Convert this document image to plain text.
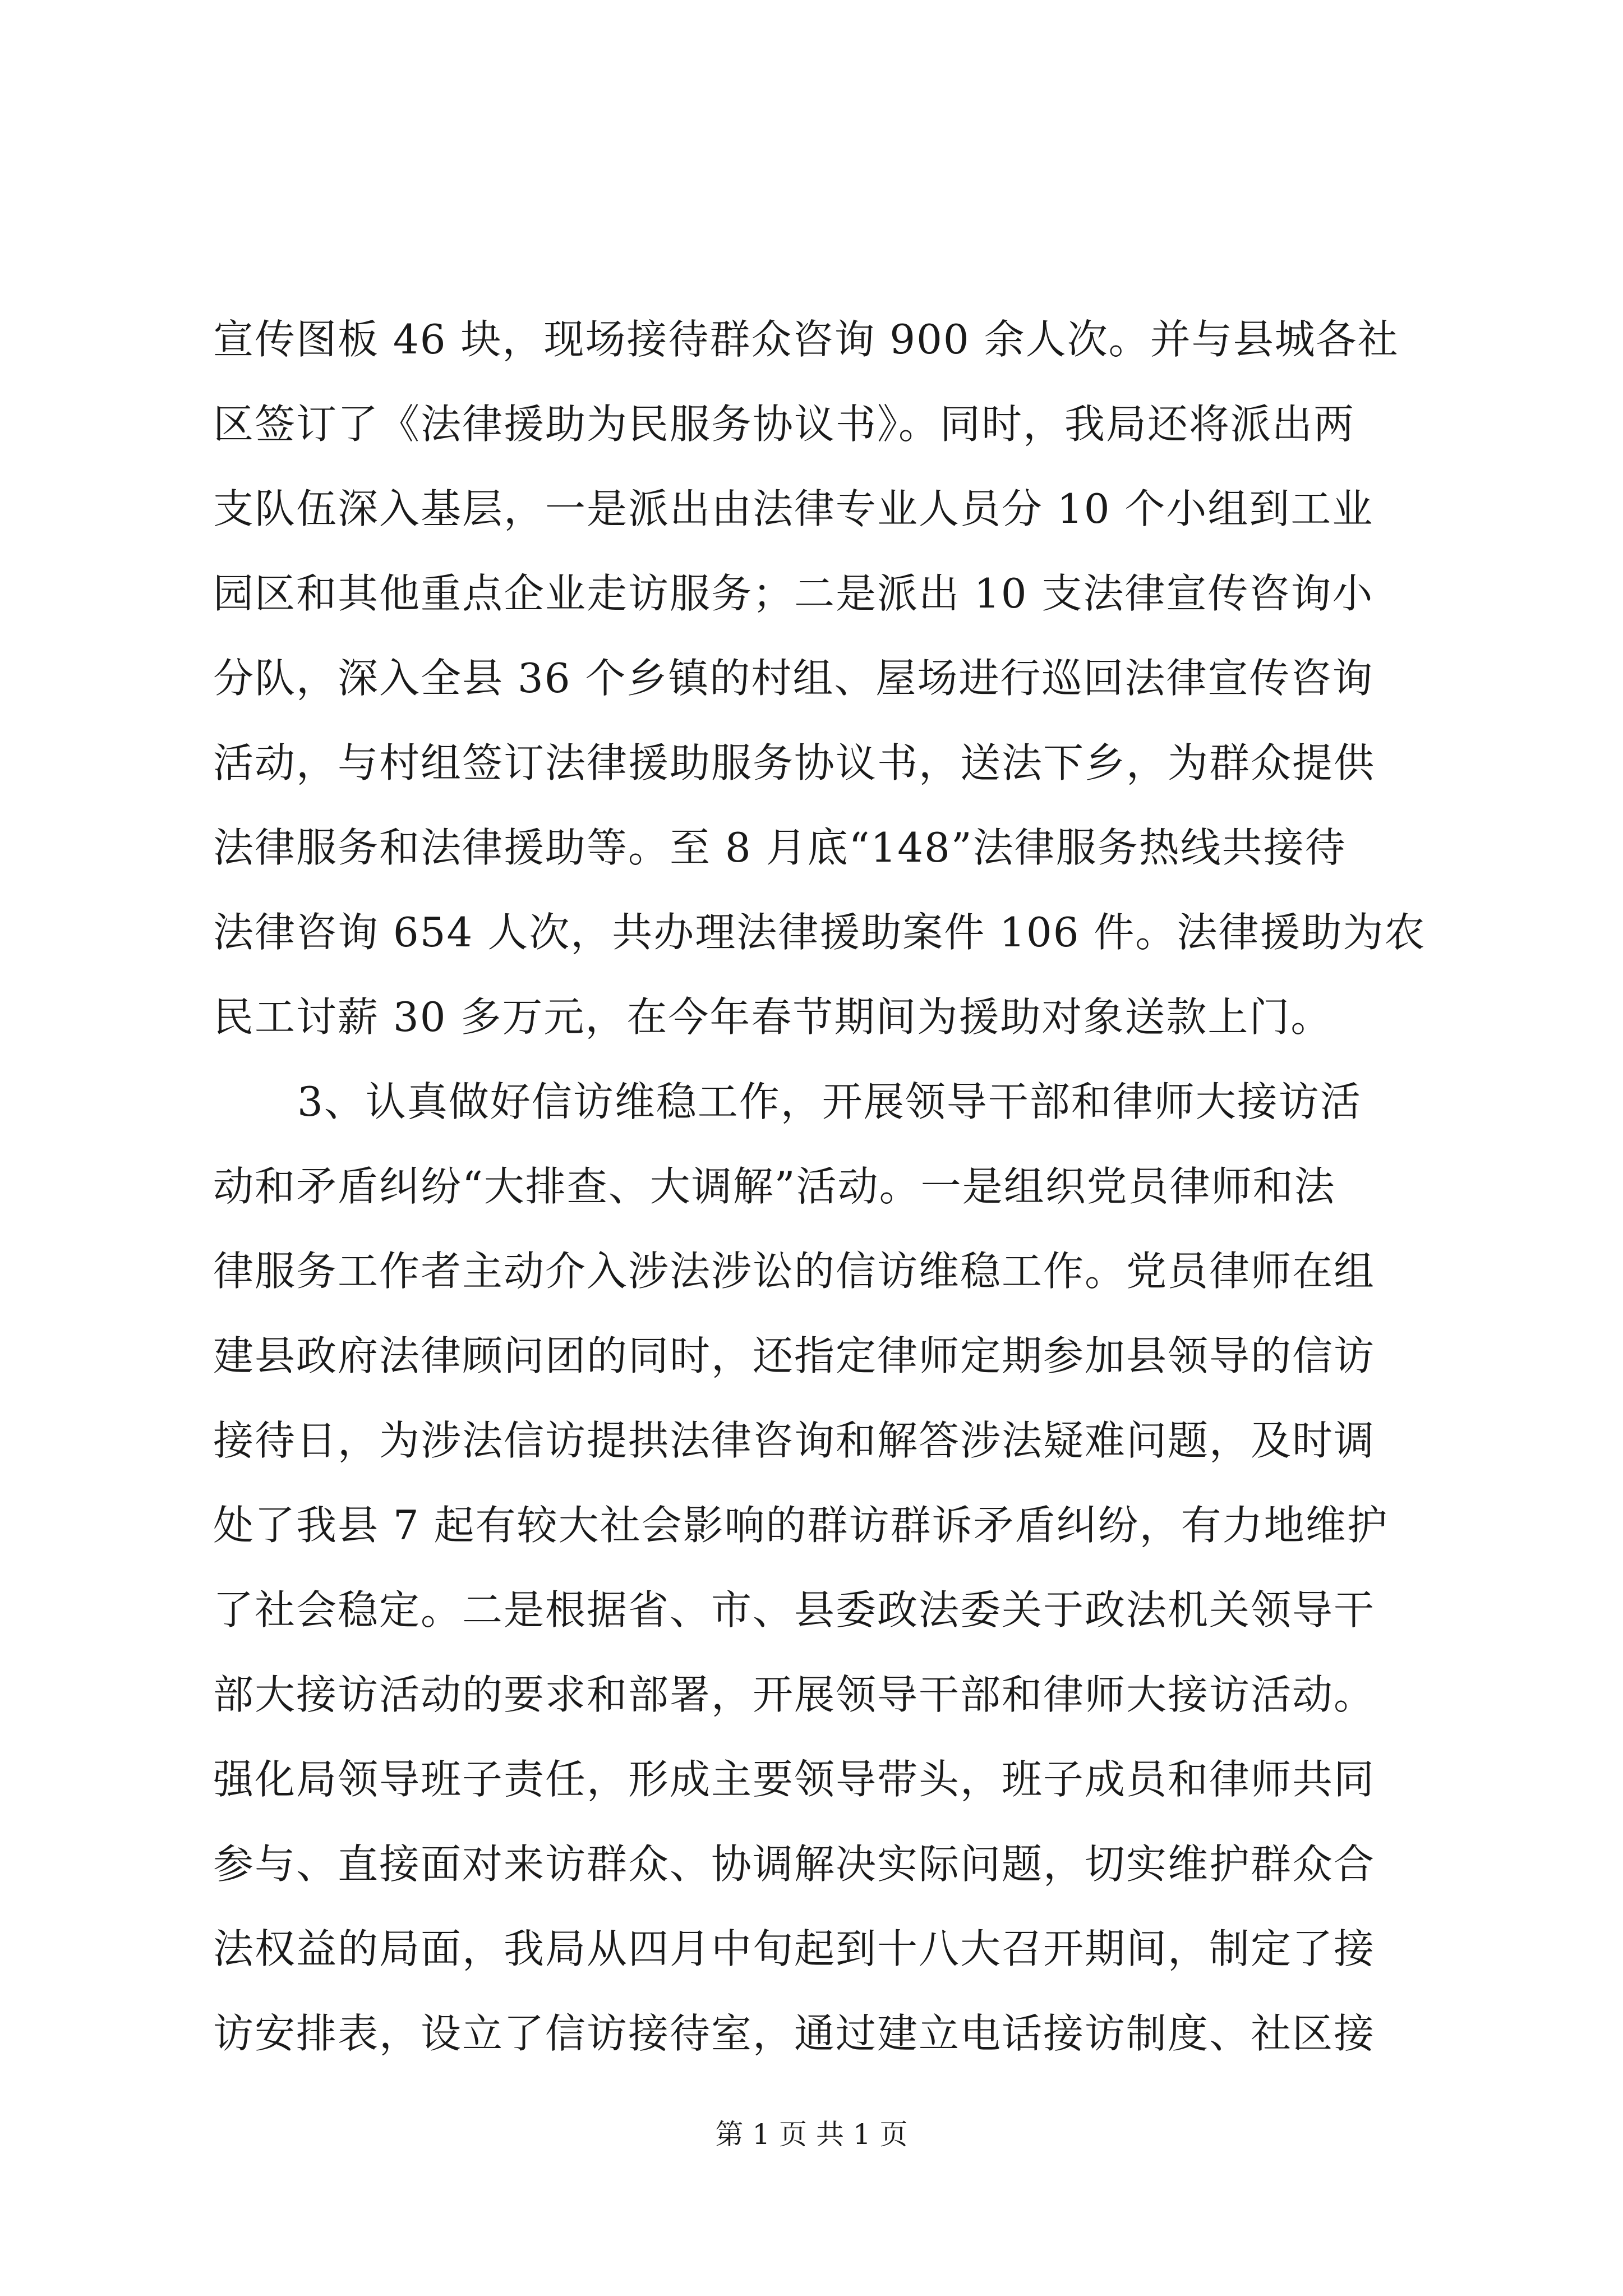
宣传图板 46 块，现场接待群众咨询 900 余人次。并与县城各社
区签订了《法律援助为民服务协议书》。同时，我局还将派出两
支队伍深入基层，一是派出由法律专业人员分 10 个小组到工业
园区和其他重点企业走访服务；二是派出 10 支法律宣传咨询小
分队，深入全县 36 个乡镇的村组、屋场进行巡回法律宣传咨询
活动，与村组签订法律援助服务协议书，送法下乡，为群众提供
法律服务和法律援助等。至 8 月底“148”法律服务热线共接待
法律咨询 654 人次，共办理法律援助案件 106 件。法律援助为农
民工讨薪 30 多万元，在今年春节期间为援助对象送款上门。
3、认真做好信访维稳工作，开展领导干部和律师大接访活
动和矛盾纠纷“大排查、大调解”活动。一是组织党员律师和法
律服务工作者主动介入涉法涉讼的信访维稳工作。党员律师在组
建县政府法律顾问团的同时，还指定律师定期参加县领导的信访
接待日，为涉法信访提拱法律咨询和解答涉法疑难问题，及时调
处了我县 7 起有较大社会影响的群访群诉矛盾纠纷，有力地维护
了社会稳定。二是根据省、市、县委政法委关于政法机关领导干
部大接访活动的要求和部署，开展领导干部和律师大接访活动。
强化局领导班子责任，形成主要领导带头，班子成员和律师共同
参与、直接面对来访群众、协调解决实际问题，切实维护群众合
法权益的局面，我局从四月中旬起到十八大召开期间，制定了接
访安排表，设立了信访接待室，通过建立电话接访制度、社区接
第 1 页 共 1 页
